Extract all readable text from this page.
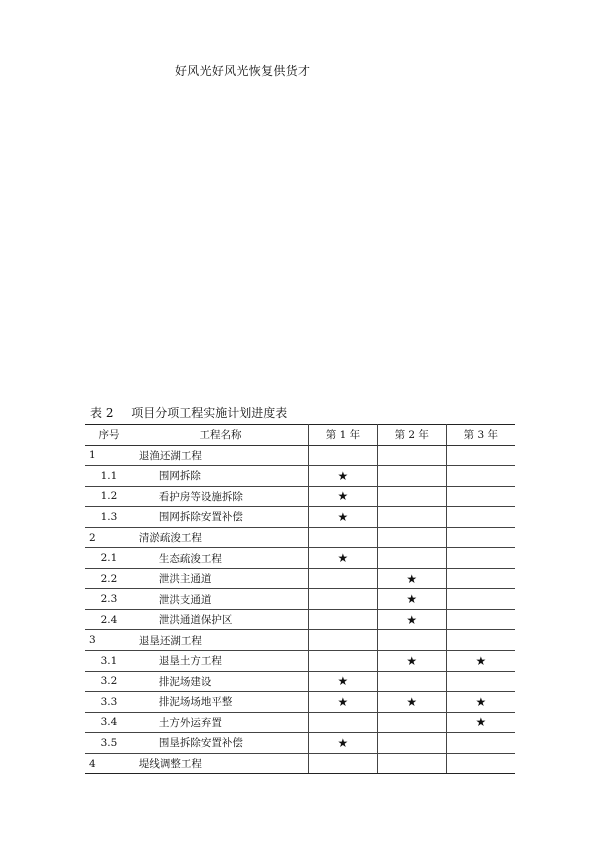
好风光好风光恢复供货才
表 2 项目分项工程实施计划进度表
序号	工程名称	第 1 年	第 2 年	第 3 年
1	退渔还湖工程			
1.1	围网拆除	★		
1.2	看护房等设施拆除	★		
1.3	围网拆除安置补偿	★		
2	清淤疏浚工程			
2.1	生态疏浚工程	★		
2.2	泄洪主通道		★	
2.3	泄洪支通道		★	
2.4	泄洪通道保护区		★	
3	退垦还湖工程			
3.1	退垦土方工程		★	★
3.2	排泥场建设	★		
3.3	排泥场场地平整	★	★	★
3.4	土方外运弃置			★
3.5	围垦拆除安置补偿	★		
4	堤线调整工程			
